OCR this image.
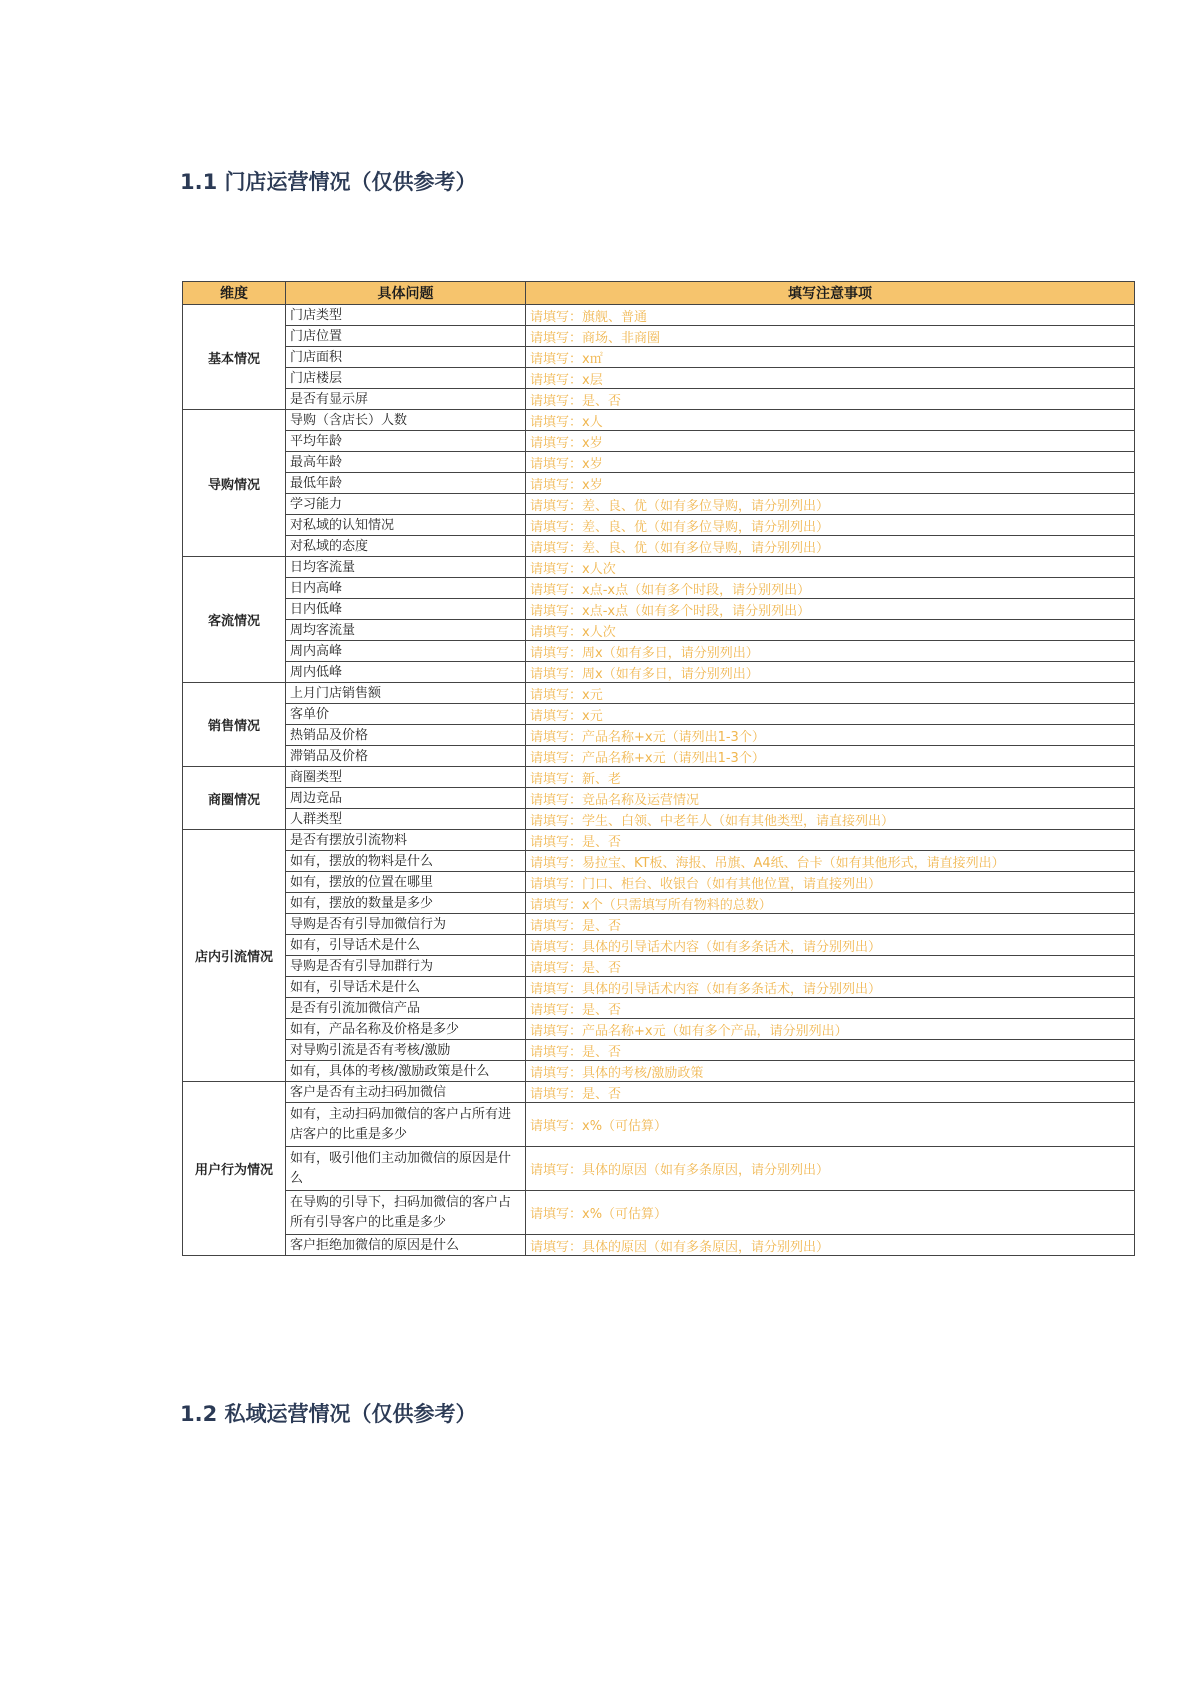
1.1 门店运营情况（仅供参考）
维度	具体问题	填写注意事项
基本情况	门店类型	请填写：旗舰、普通
	门店位置	请填写：商场、非商圈
	门店面积	请填写：x㎡
	门店楼层	请填写：x层
	是否有显示屏	请填写：是、否
导购情况	导购（含店长）人数	请填写：x人
	平均年龄	请填写：x岁
	最高年龄	请填写：x岁
	最低年龄	请填写：x岁
	学习能力	请填写：差、良、优（如有多位导购，请分别列出）
	对私域的认知情况	请填写：差、良、优（如有多位导购，请分别列出）
	对私域的态度	请填写：差、良、优（如有多位导购，请分别列出）
客流情况	日均客流量	请填写：x人次
	日内高峰	请填写：x点-x点（如有多个时段，请分别列出）
	日内低峰	请填写：x点-x点（如有多个时段，请分别列出）
	周均客流量	请填写：x人次
	周内高峰	请填写：周x（如有多日，请分别列出）
	周内低峰	请填写：周x（如有多日，请分别列出）
销售情况	上月门店销售额	请填写：x元
	客单价	请填写：x元
	热销品及价格	请填写：产品名称+x元（请列出1-3个）
	滞销品及价格	请填写：产品名称+x元（请列出1-3个）
商圈情况	商圈类型	请填写：新、老
	周边竞品	请填写：竞品名称及运营情况
	人群类型	请填写：学生、白领、中老年人（如有其他类型，请直接列出）
店内引流情况	是否有摆放引流物料	请填写：是、否
	如有，摆放的物料是什么	请填写：易拉宝、KT板、海报、吊旗、A4纸、台卡（如有其他形式，请直接列出）
	如有，摆放的位置在哪里	请填写：门口、柜台、收银台（如有其他位置，请直接列出）
	如有，摆放的数量是多少	请填写：x个（只需填写所有物料的总数）
	导购是否有引导加微信行为	请填写：是、否
	如有，引导话术是什么	请填写：具体的引导话术内容（如有多条话术，请分别列出）
	导购是否有引导加群行为	请填写：是、否
	如有，引导话术是什么	请填写：具体的引导话术内容（如有多条话术，请分别列出）
	是否有引流加微信产品	请填写：是、否
	如有，产品名称及价格是多少	请填写：产品名称+x元（如有多个产品，请分别列出）
	对导购引流是否有考核/激励	请填写：是、否
	如有，具体的考核/激励政策是什么	请填写：具体的考核/激励政策
用户行为情况	客户是否有主动扫码加微信	请填写：是、否
	如有，主动扫码加微信的客户占所有进店客户的比重是多少	请填写：x%（可估算）
	如有，吸引他们主动加微信的原因是什么	请填写：具体的原因（如有多条原因，请分别列出）
	在导购的引导下，扫码加微信的客户占所有引导客户的比重是多少	请填写：x%（可估算）
	客户拒绝加微信的原因是什么	请填写：具体的原因（如有多条原因，请分别列出）
1.2 私域运营情况（仅供参考）
